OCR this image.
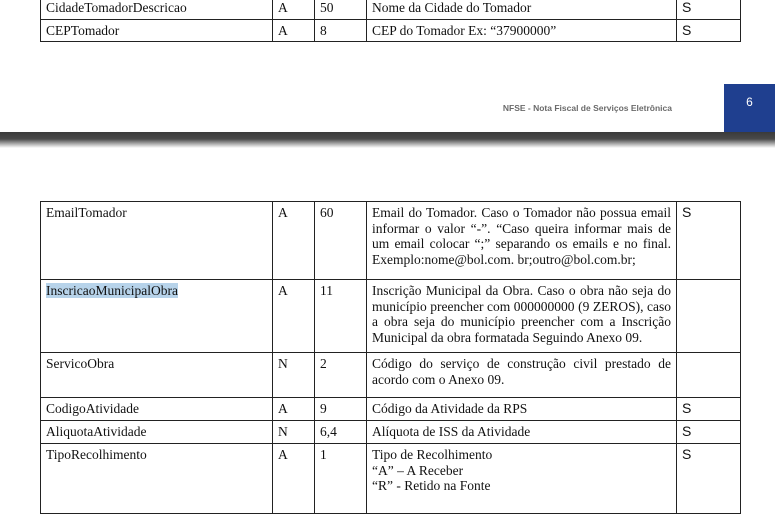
CidadeTomadorDescricao	A	50	Nome da Cidade do Tomador	S
CEPTomador	A	8	CEP do Tomador Ex: “37900000”	S
NFSE - Nota Fiscal de Serviços Eletrônica	6
EmailTomador	A	60	Email do Tomador. Caso o Tomador não possua email informar o valor “-”. “Caso queira informar mais de um email colocar “;” separando os emails e no final. Exemplo:nome@bol.com. br;outro@bol.com.br;	S
InscricaoMunicipalObra	A	11	Inscrição Municipal da Obra. Caso o obra não seja do município preencher com 000000000 (9 ZEROS), caso a obra seja do município preencher com a Inscrição Municipal da obra formatada Seguindo Anexo 09.	
ServicoObra	N	2	Código do serviço de construção civil prestado de acordo com o Anexo 09.	
CodigoAtividade	A	9	Código da Atividade da RPS	S
AliquotaAtividade	N	6,4	Alíquota de ISS da Atividade	S
TipoRecolhimento	A	1	Tipo de Recolhimento
“A” – A Receber
“R” - Retido na Fonte	S
